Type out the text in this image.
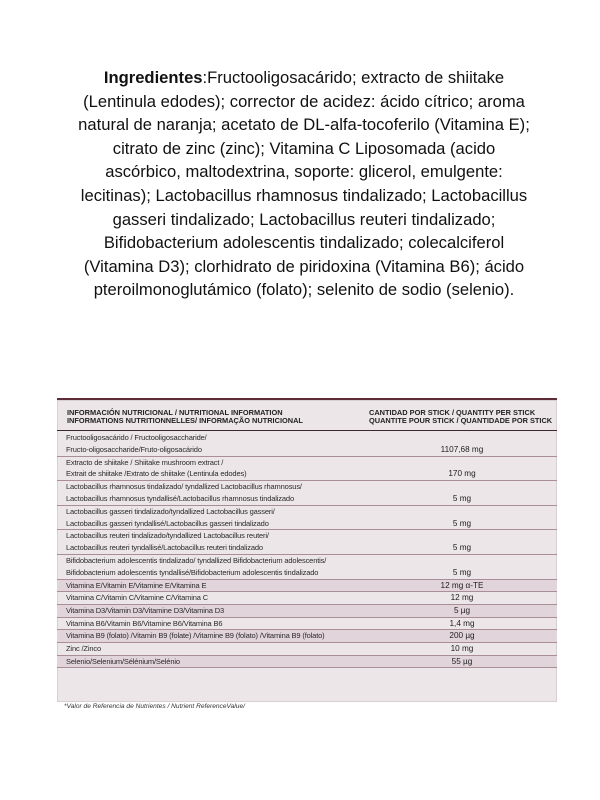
Ingredientes:Fructooligosacárido; extracto de shiitake (Lentinula edodes); corrector de acidez: ácido cítrico; aroma natural de naranja; acetato de DL-alfa-tocoferilo (Vitamina E); citrato de zinc (zinc); Vitamina C Liposomada (acido ascórbico, maltodextrina, soporte: glicerol, emulgente: lecitinas); Lactobacillus rhamnosus tindalizado; Lactobacillus gasseri tindalizado; Lactobacillus reuteri tindalizado; Bifidobacterium adolescentis tindalizado; colecalciferol (Vitamina D3); clorhidrato de piridoxina (Vitamina B6); ácido pteroilmonoglutámico (folato); selenito de sodio (selenio).
INFORMACIÓN NUTRICIONAL / NUTRITIONAL INFORMATION
INFORMATIONS NUTRITIONNELLES/ INFORMAÇÃO NUTRICIONAL
CANTIDAD POR STICK / QUANTITY PER STICK
QUANTITE POUR STICK / QUANTIDADE POR STICK
Fructooligosacárido / Fructooligosaccharide/
Fructo-oligosaccharide/Fruto-oligosacárido	1107,68 mg
Extracto de shiitake / Shiitake mushroom extract /
Extrait de shiitake /Extrato de shiitake (Lentinula edodes)	170 mg
Lactobacillus rhamnosus tindalizado/ tyndallized Lactobacillus rhamnosus/
Lactobacillus rhamnosus tyndallisé/Lactobacillus rhamnosus tindalizado	5 mg
Lactobacillus gasseri tindalizado/tyndallized Lactobacillus gasseri/
Lactobacillus gasseri tyndallisé/Lactobacillus gasseri tindalizado	5 mg
Lactobacillus reuteri tindalizado/tyndallized Lactobacillus reuteri/
Lactobacillus reuteri tyndallisé/Lactobacillus reuteri tindalizado	5 mg
Bifidobacterium adolescentis tindalizado/ tyndallized Bifidobacterium adolescentis/
Bifidobacterium adolescentis tyndallisé/Bifidobacterium adolescentis tindalizado	5 mg
Vitamina E/Vitamin E/Vitamine E/Vitamina E	12 mg α-TE
Vitamina C/Vitamin C/Vitamine C/Vitamina C	12 mg
Vitamina D3/Vitamin D3/Vitamine D3/Vitamina D3	5 µg
Vitamina B6/Vitamin B6/Vitamine B6/Vitamina B6	1,4 mg
Vitamina B9 (folato) /Vitamin B9 (folate) /Vitamine B9 (folato) /Vitamina B9 (folato)	200 µg
Zinc /Zinco	10 mg
Selenio/Selenium/Sélénium/Selénio	55 µg
*Valor de Referencia de Nutrientes / Nutrient ReferenceValue/
